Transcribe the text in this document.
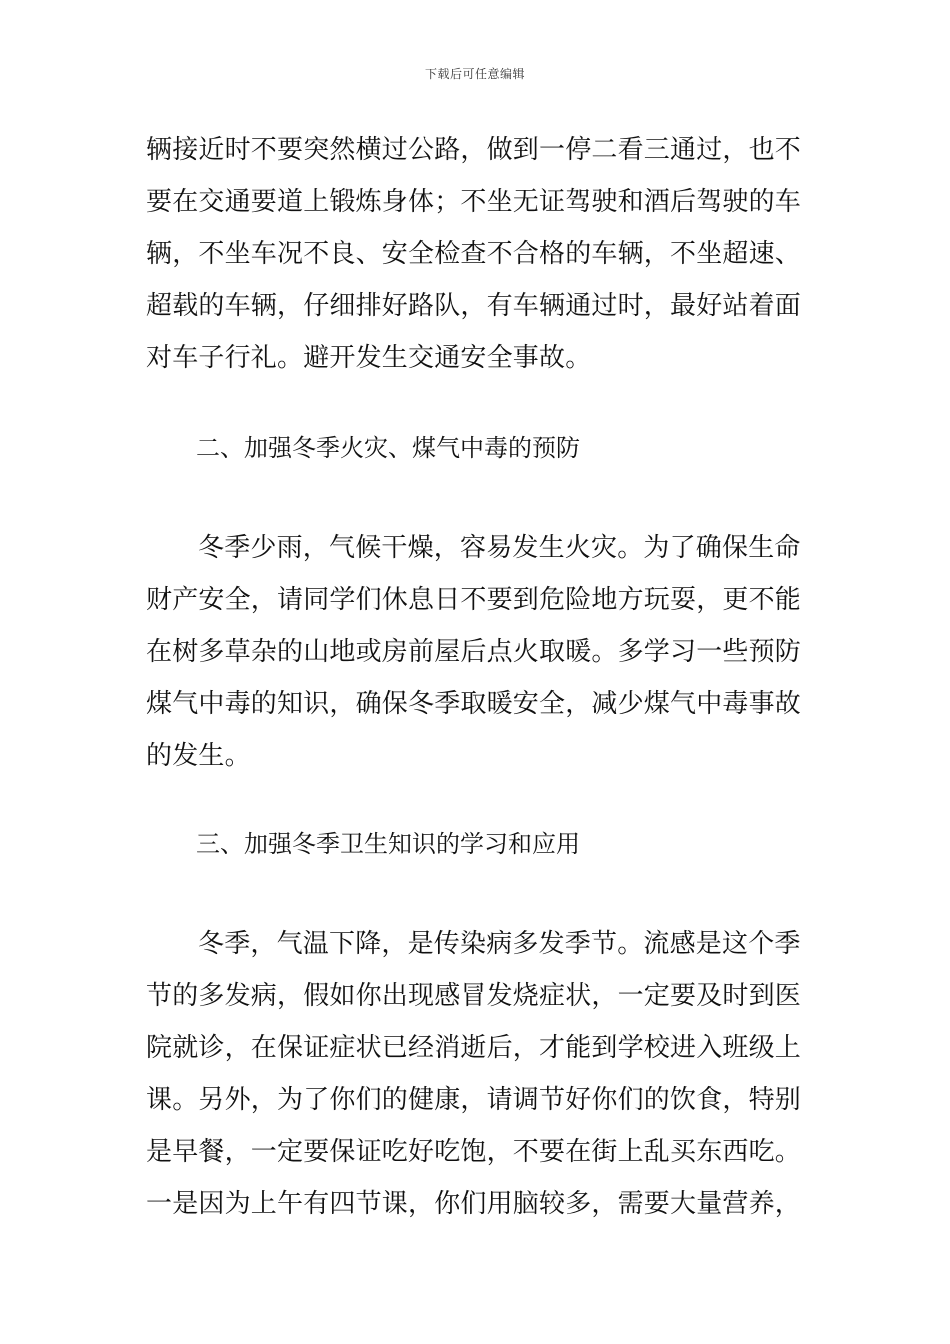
下载后可任意编辑
辆接近时不要突然横过公路，做到一停二看三通过，也不
要在交通要道上锻炼身体；不坐无证驾驶和酒后驾驶的车
辆，不坐车况不良、安全检查不合格的车辆，不坐超速、
超载的车辆，仔细排好路队，有车辆通过时，最好站着面
对车子行礼。避开发生交通安全事故。
二、加强冬季火灾、煤气中毒的预防
冬季少雨，气候干燥，容易发生火灾。为了确保生命
财产安全，请同学们休息日不要到危险地方玩耍，更不能
在树多草杂的山地或房前屋后点火取暖。多学习一些预防
煤气中毒的知识，确保冬季取暖安全，减少煤气中毒事故
的发生。
三、加强冬季卫生知识的学习和应用
冬季，气温下降，是传染病多发季节。流感是这个季
节的多发病，假如你出现感冒发烧症状，一定要及时到医
院就诊，在保证症状已经消逝后，才能到学校进入班级上
课。另外，为了你们的健康，请调节好你们的饮食，特别
是早餐，一定要保证吃好吃饱，不要在街上乱买东西吃。
一是因为上午有四节课，你们用脑较多，需要大量营养，
